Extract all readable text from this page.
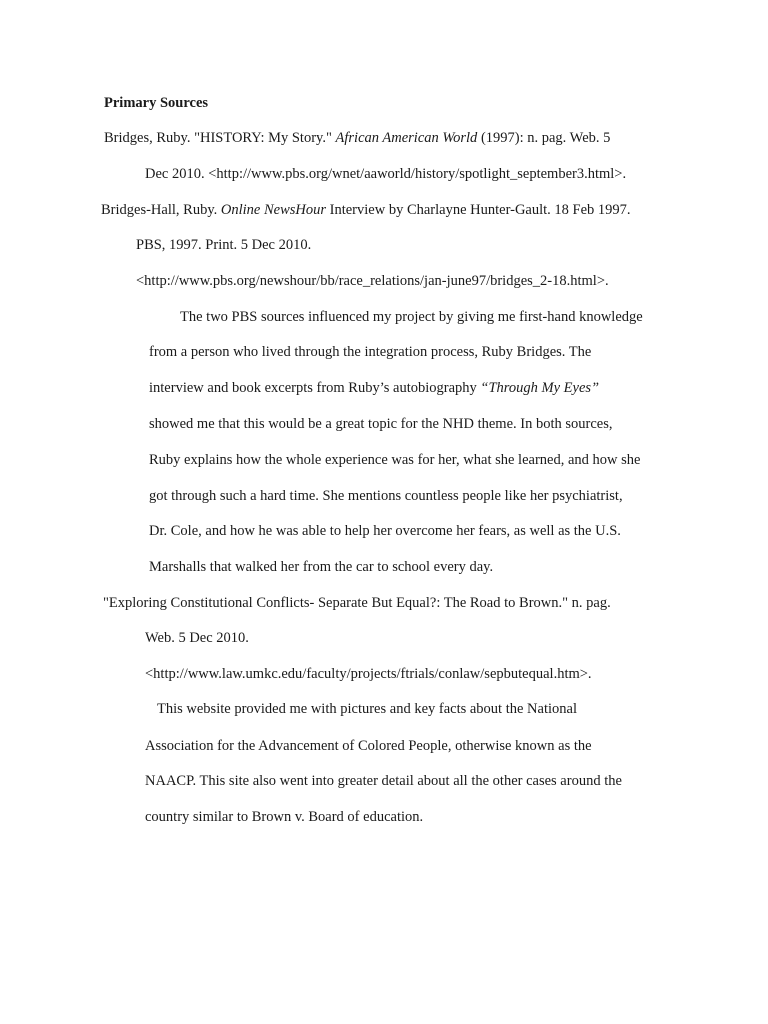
Primary Sources
Bridges, Ruby. "HISTORY: My Story." African American World (1997): n. pag. Web. 5
Dec 2010. <http://www.pbs.org/wnet/aaworld/history/spotlight_september3.html>.
Bridges-Hall, Ruby. Online NewsHour Interview by Charlayne Hunter-Gault. 18 Feb 1997.
PBS, 1997. Print. 5 Dec 2010.
<http://www.pbs.org/newshour/bb/race_relations/jan-june97/bridges_2-18.html>.
The two PBS sources influenced my project by giving me first-hand knowledge
from a person who lived through the integration process, Ruby Bridges. The
interview and book excerpts from Ruby’s autobiography “Through My Eyes”
showed me that this would be a great topic for the NHD theme. In both sources,
Ruby explains how the whole experience was for her, what she learned, and how she
got through such a hard time. She mentions countless people like her psychiatrist,
Dr. Cole, and how he was able to help her overcome her fears, as well as the U.S.
Marshalls that walked her from the car to school every day.
"Exploring Constitutional Conflicts- Separate But Equal?: The Road to Brown." n. pag.
Web. 5 Dec 2010.
<http://www.law.umkc.edu/faculty/projects/ftrials/conlaw/sepbutequal.htm>.
This website provided me with pictures and key facts about the National
Association for the Advancement of Colored People, otherwise known as the
NAACP. This site also went into greater detail about all the other cases around the
country similar to Brown v. Board of education.
